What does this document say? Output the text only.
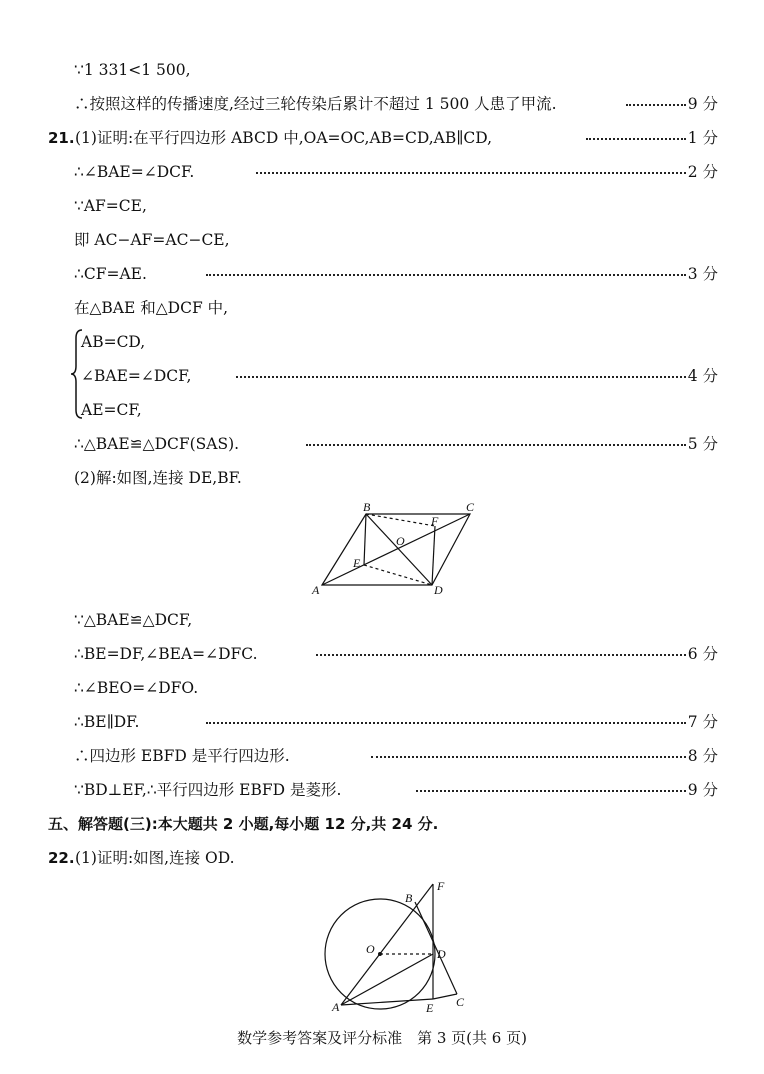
∵1 331<1 500,
∴按照这样的传播速度,经过三轮传染后累计不超过 1 500 人患了甲流.	9 分
21. (1)证明:在平行四边形 ABCD 中,OA=OC,AB=CD,AB∥CD,	1 分
∴∠BAE=∠DCF.	2 分
∵AF=CE,
即 AC−AF=AC−CE,
∴CF=AE.	3 分
在△BAE 和△DCF 中,
AB=CD,
∠BAE=∠DCF,	4 分
AE=CF,
∴△BAE≌△DCF(SAS).	5 分
(2)解:如图,连接 DE,BF.
A
B	C
D
E
F
O
∵△BAE≌△DCF,
∴BE=DF,∠BEA=∠DFC.	6 分
∴∠BEO=∠DFO.
∴BE∥DF.	7 分
∴四边形 EBFD 是平行四边形.	8 分
∵BD⊥EF,∴平行四边形 EBFD 是菱形.	9 分
五、解答题(三):本大题共 2 小题,每小题 12 分,共 24 分.
22. (1)证明:如图,连接 OD.
A
B
C
D
E
F
O
数学参考答案及评分标准　第 3 页(共 6 页)
